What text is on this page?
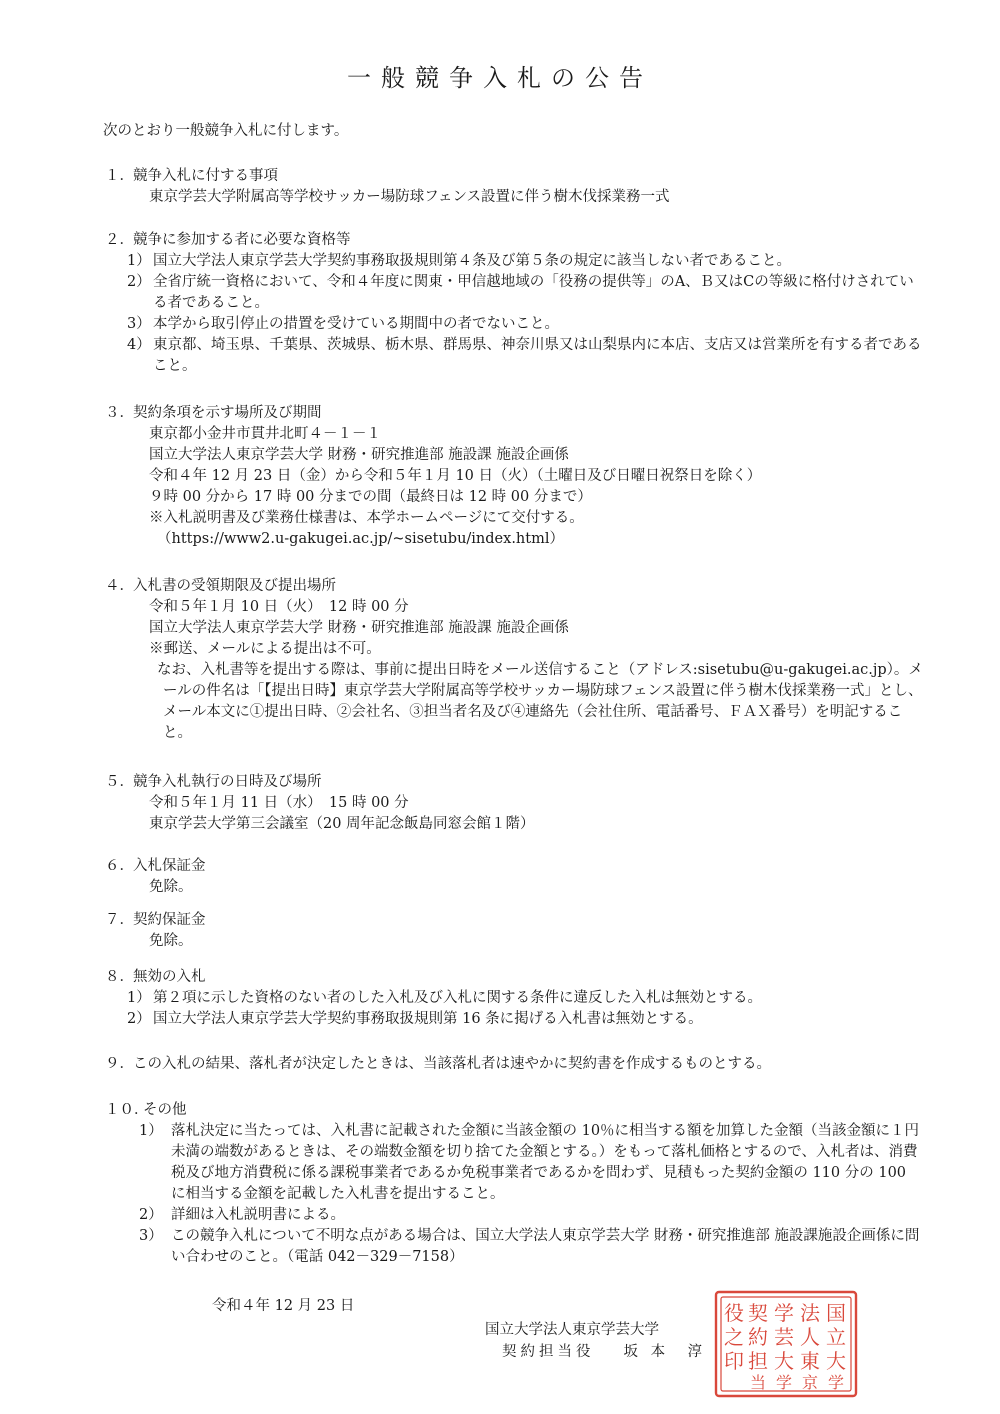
一般競争入札の公告
次のとおり一般競争入札に付します。
１．競争入札に付する事項
東京学芸大学附属高等学校サッカー場防球フェンス設置に伴う樹木伐採業務一式
２．競争に参加する者に必要な資格等
1） 国立大学法人東京学芸大学契約事務取扱規則第４条及び第５条の規定に該当しない者であること。
2） 全省庁統一資格において、令和４年度に関東・甲信越地域の「役務の提供等」のA、Ｂ又はCの等級に格付けされている者であること。
3） 本学から取引停止の措置を受けている期間中の者でないこと。
4） 東京都、埼玉県、千葉県、茨城県、栃木県、群馬県、神奈川県又は山梨県内に本店、支店又は営業所を有する者であること。
３．契約条項を示す場所及び期間
東京都小金井市貫井北町４－１－１
国立大学法人東京学芸大学 財務・研究推進部 施設課 施設企画係
令和４年 12 月 23 日（金）から令和５年１月 10 日（火）（土曜日及び日曜日祝祭日を除く）
９時 00 分から 17 時 00 分までの間（最終日は 12 時 00 分まで）
※入札説明書及び業務仕様書は、本学ホームページにて交付する。
（https://www2.u-gakugei.ac.jp/~sisetubu/index.html）
４．入札書の受領期限及び提出場所
令和５年１月 10 日（火）　12 時 00 分
国立大学法人東京学芸大学 財務・研究推進部 施設課 施設企画係
※郵送、メールによる提出は不可。
なお、入札書等を提出する際は、事前に提出日時をメール送信すること（アドレス:sisetubu@u-gakugei.ac.jp）。メールの件名は「【提出日時】東京学芸大学附属高等学校サッカー場防球フェンス設置に伴う樹木伐採業務一式」とし、メール本文に①提出日時、②会社名、③担当者名及び④連絡先（会社住所、電話番号、ＦＡＸ番号）を明記すること。
５．競争入札執行の日時及び場所
令和５年１月 11 日（水）　15 時 00 分
東京学芸大学第三会議室（20 周年記念飯島同窓会館１階）
６．入札保証金
免除。
７．契約保証金
免除。
８．無効の入札
1） 第２項に示した資格のない者のした入札及び入札に関する条件に違反した入札は無効とする。
2） 国立大学法人東京学芸大学契約事務取扱規則第 16 条に掲げる入札書は無効とする。
９．この入札の結果、落札者が決定したときは、当該落札者は速やかに契約書を作成するものとする。
１０．その他
1） 落札決定に当たっては、入札書に記載された金額に当該金額の 10％に相当する額を加算した金額（当該金額に１円未満の端数があるときは、その端数金額を切り捨てた金額とする。）をもって落札価格とするので、入札者は、消費税及び地方消費税に係る課税事業者であるか免税事業者であるかを問わず、見積もった契約金額の 110 分の 100 に相当する金額を記載した入札書を提出すること。
2） 詳細は入札説明書による。
3） この競争入札について不明な点がある場合は、国立大学法人東京学芸大学 財務・研究推進部 施設課施設企画係に問い合わせのこと。（電話 042－329－7158）
令和４年 12 月 23 日
国立大学法人東京学芸大学
契約担当役　　 坂 本　淳
国
立
大
学
法
人
東
京
学
芸
大
学
契
約
担
当
役
之
印
